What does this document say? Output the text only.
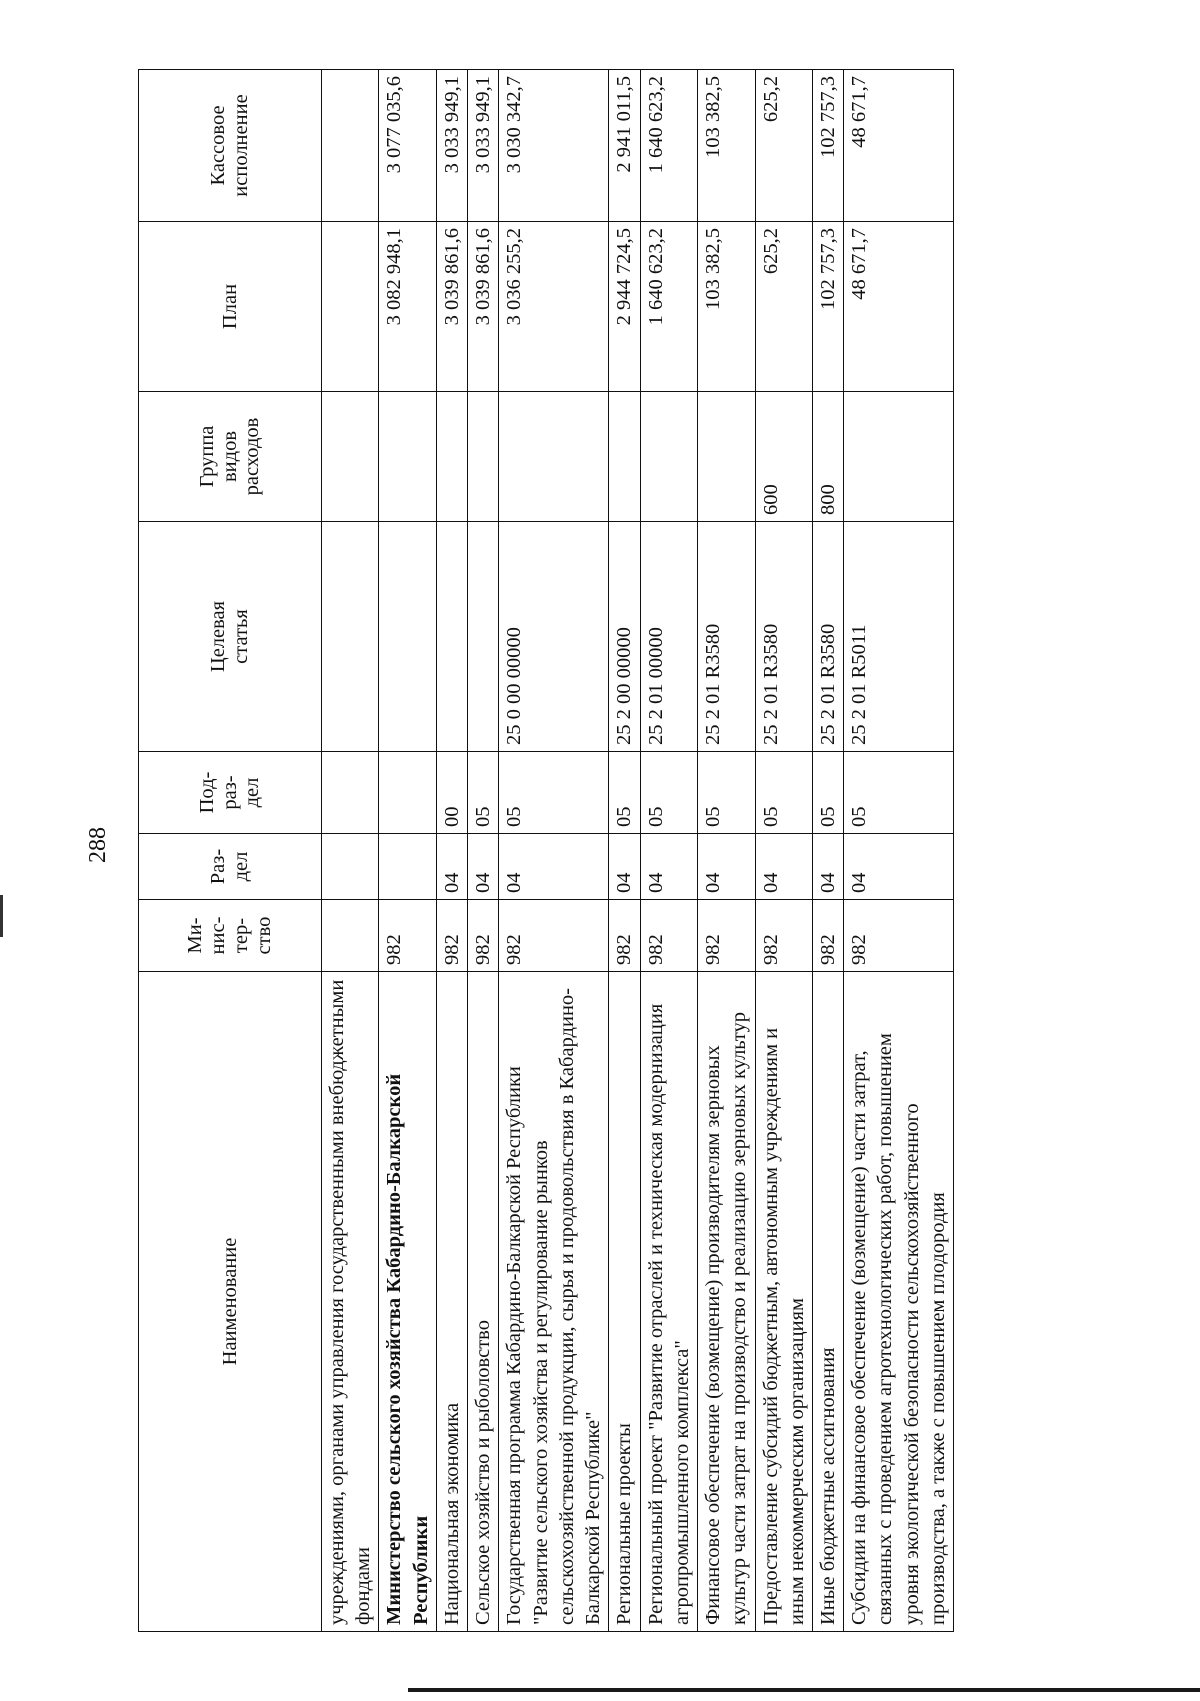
288
Наименование	Ми-
нис-
тер-
ство	Раз-
дел	Под-
раз-
дел	Целевая
статья	Группа
видов
расходов	План	Кассовое
исполнение
учреждениями, органами управления государственными внебюджетными фондами							
Министерство сельского хозяйства Кабардино-Балкарской Республики	982					3 082 948,1	3 077 035,6
Национальная экономика	982	04	00			3 039 861,6	3 033 949,1
Сельское хозяйство и рыболовство	982	04	05			3 039 861,6	3 033 949,1
Государственная программа Кабардино-Балкарской Республики "Развитие сельского хозяйства и регулирование рынков сельскохозяйственной продукции, сырья и продовольствия в Кабардино-Балкарской Республике"	982	04	05	25 0 00 00000		3 036 255,2	3 030 342,7
Региональные проекты	982	04	05	25 2 00 00000		2 944 724,5	2 941 011,5
Региональный проект "Развитие отраслей и техническая модернизация агропромышленного комплекса"	982	04	05	25 2 01 00000		1 640 623,2	1 640 623,2
Финансовое обеспечение (возмещение) производителям зерновых культур части затрат на производство и реализацию зерновых культур	982	04	05	25 2 01 R3580		103 382,5	103 382,5
Предоставление субсидий бюджетным, автономным учреждениям и иным некоммерческим организациям	982	04	05	25 2 01 R3580	600	625,2	625,2
Иные бюджетные ассигнования	982	04	05	25 2 01 R3580	800	102 757,3	102 757,3
Субсидии на финансовое обеспечение (возмещение) части затрат, связанных с проведением агротехнологических работ, повышением уровня экологической безопасности сельскохозяйственного производства, а также с повышением плодородия	982	04	05	25 2 01 R5011		48 671,7	48 671,7
